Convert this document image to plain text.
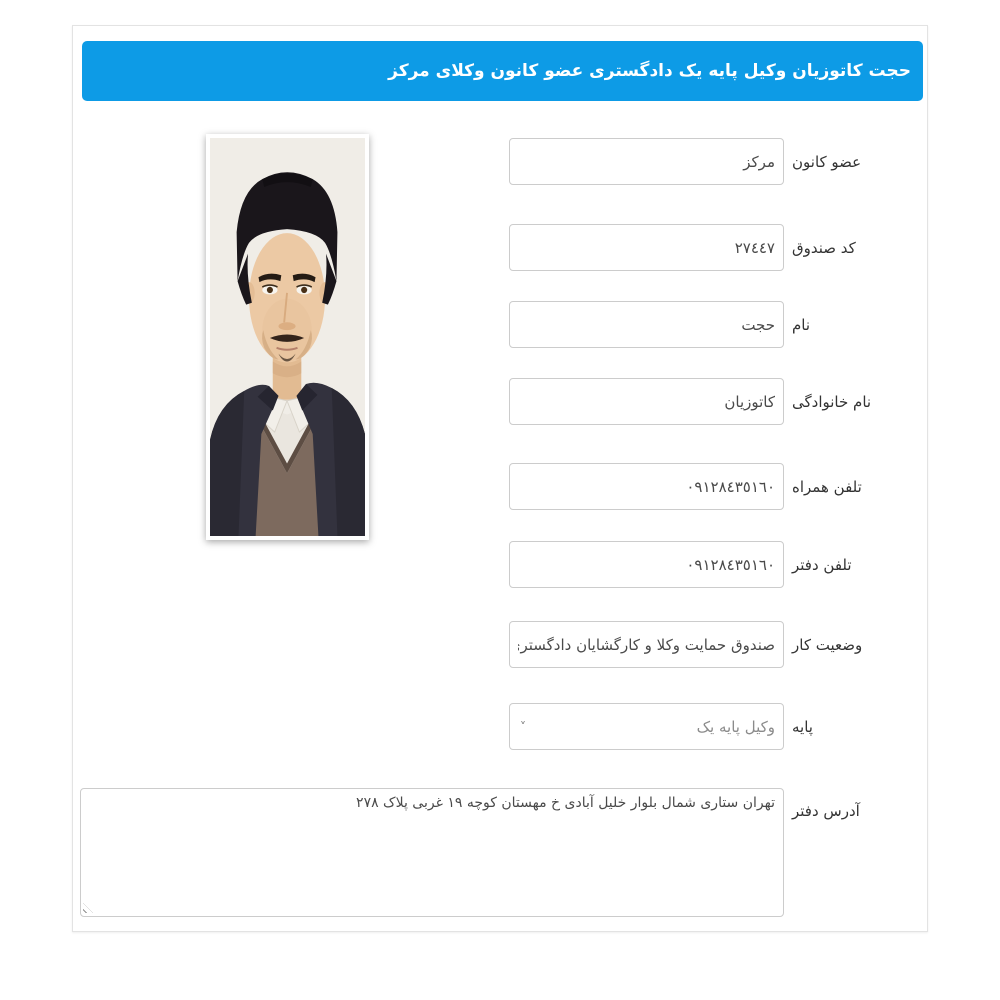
حجت کاتوزیان وکیل پایه یک دادگستری عضو کانون وکلای مرکز
مرکز
عضو کانون
٢٧٤٤٧
کد صندوق
حجت
نام
کاتوزیان
نام خانوادگی
٠٩١٢٨٤٣٥١٦٠
تلفن همراه
٠٩١٢٨٤٣٥١٦٠
تلفن دفتر
صندوق حمایت وکلا و کارگشایان دادگستری
وضعیت کار
˅	وکیل پایه یک پایه
تهران ستاری شمال بلوار خلیل آبادی خ مهستان کوچه ١٩ غربی پلاک ٢٧٨
آدرس دفتر
